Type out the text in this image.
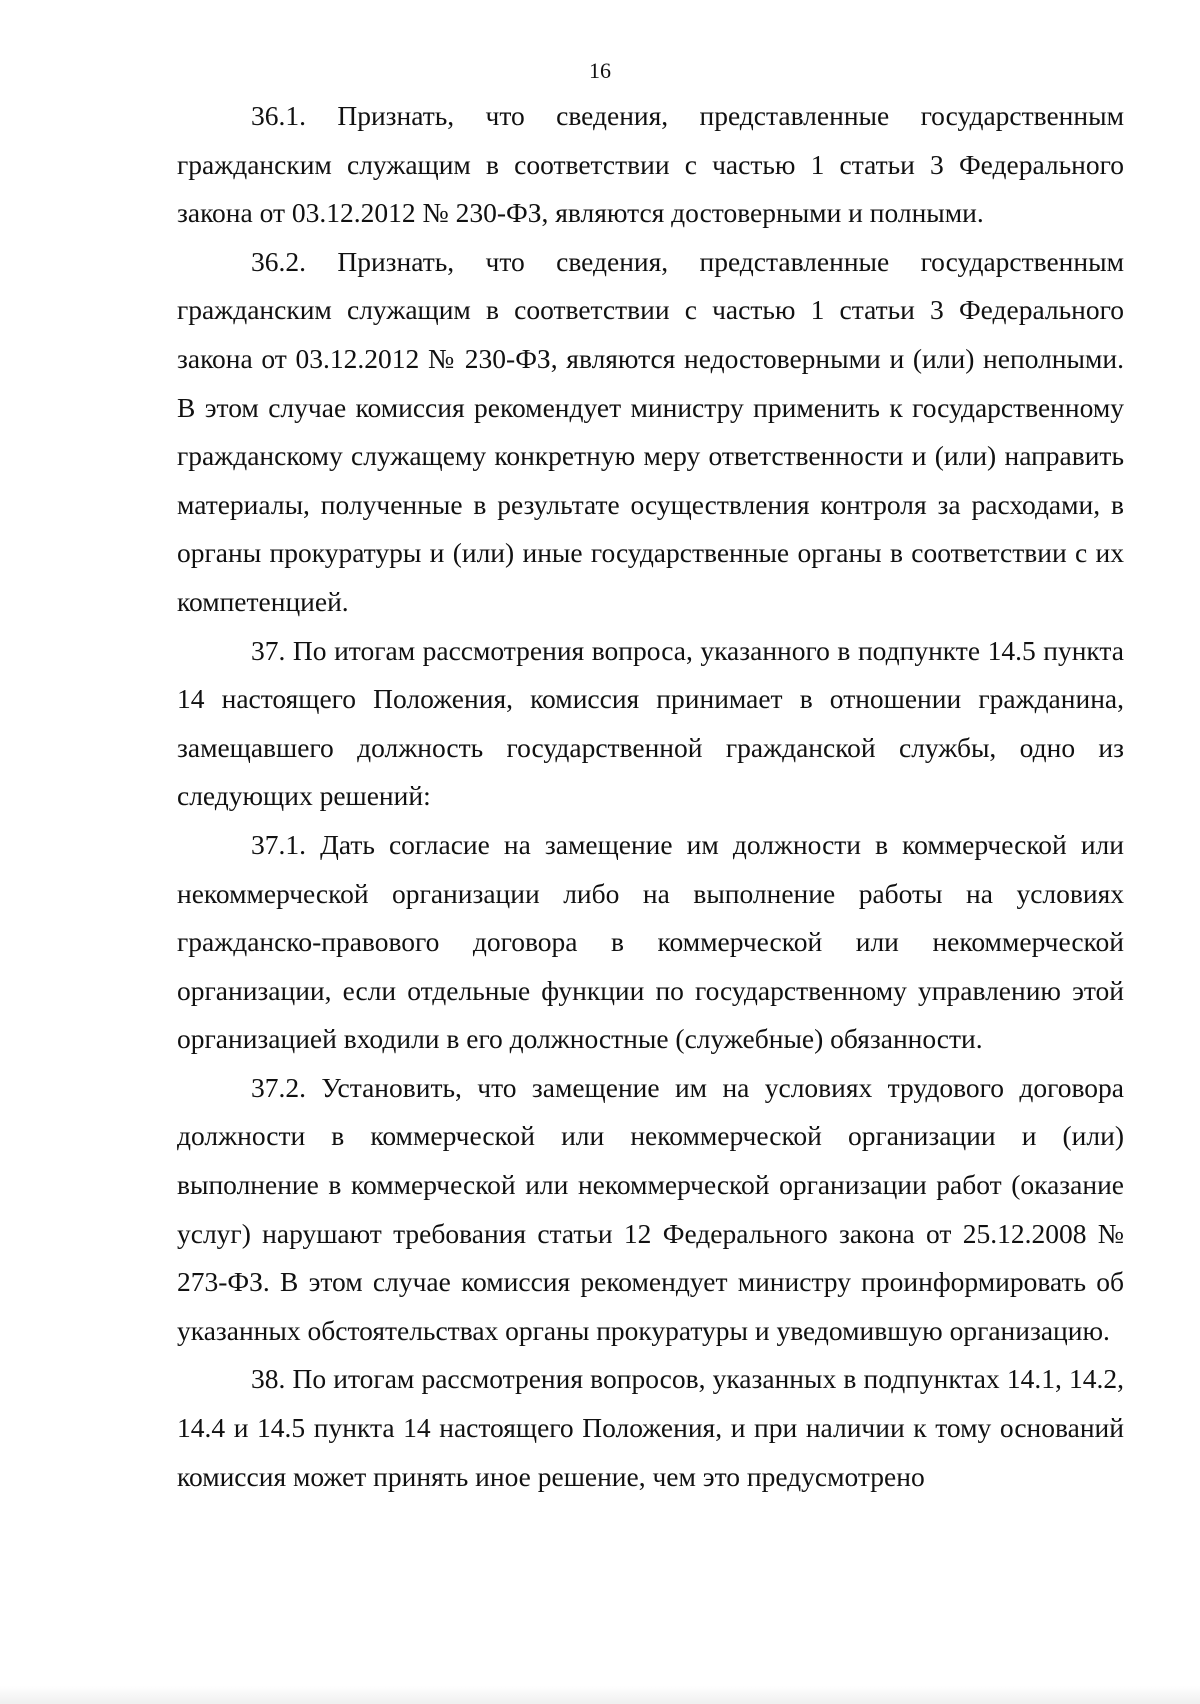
16

36.1. Признать, что сведения, представленные государственным гражданским служащим в соответствии с частью 1 статьи 3 Федерального закона от 03.12.2012 № 230-ФЗ, являются достоверными и полными.

36.2. Признать, что сведения, представленные государственным гражданским служащим в соответствии с частью 1 статьи 3 Федерального закона от 03.12.2012 № 230-ФЗ, являются недостоверными и (или) неполными. В этом случае комиссия рекомендует министру применить к государственному гражданскому служащему конкретную меру ответственности и (или) направить материалы, полученные в результате осуществления контроля за расходами, в органы прокуратуры и (или) иные государственные органы в соответствии с их компетенцией.

37. По итогам рассмотрения вопроса, указанного в подпункте 14.5 пункта 14 настоящего Положения, комиссия принимает в отношении гражданина, замещавшего должность государственной гражданской службы, одно из следующих решений:

37.1. Дать согласие на замещение им должности в коммерческой или некоммерческой организации либо на выполнение работы на условиях гражданско-правового договора в коммерческой или некоммерческой организации, если отдельные функции по государственному управлению этой организацией входили в его должностные (служебные) обязанности.

37.2. Установить, что замещение им на условиях трудового договора должности в коммерческой или некоммерческой организации и (или) выполнение в коммерческой или некоммерческой организации работ (оказание услуг) нарушают требования статьи 12 Федерального закона от 25.12.2008 № 273-ФЗ. В этом случае комиссия рекомендует министру проинформировать об указанных обстоятельствах органы прокуратуры и уведомившую организацию.

38. По итогам рассмотрения вопросов, указанных в подпунктах 14.1, 14.2, 14.4 и 14.5 пункта 14 настоящего Положения, и при наличии к тому оснований комиссия может принять иное решение, чем это предусмотрено
